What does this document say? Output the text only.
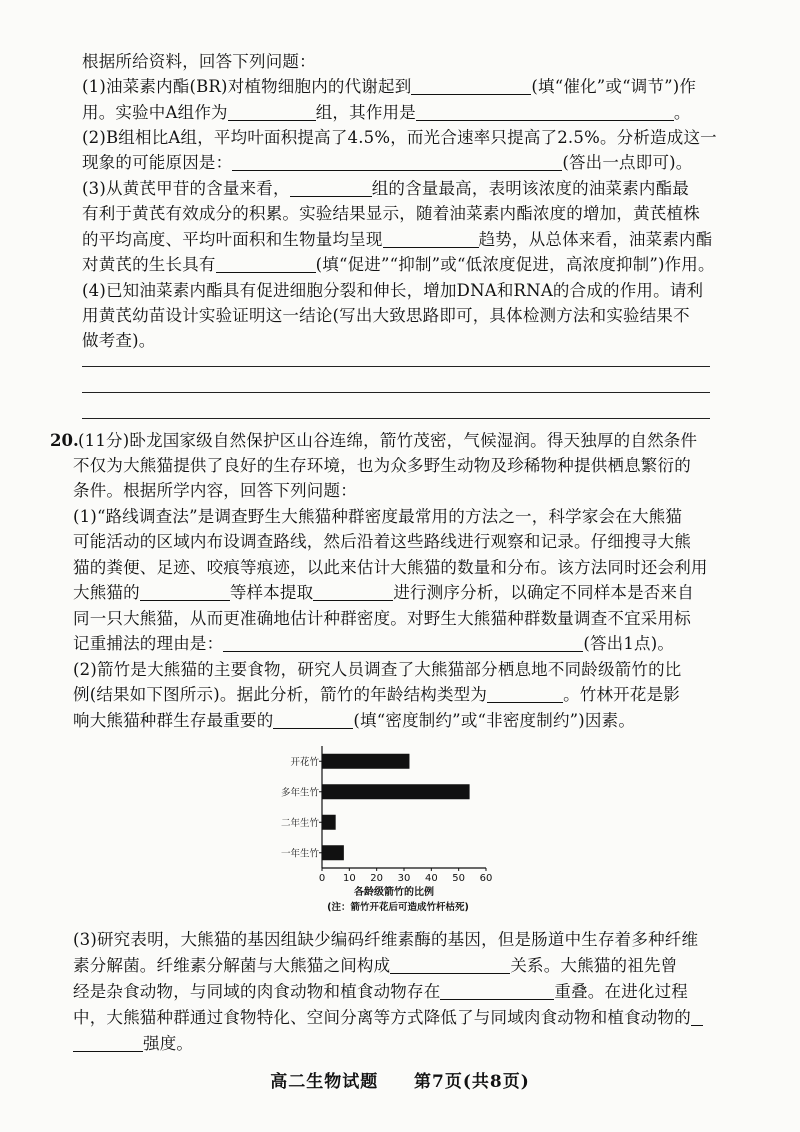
根据所给资料，回答下列问题：
(1)油菜素内酯(BR)对植物细胞内的代谢起到	(填“催化”或“调节”)作
用。实验中A组作为	组，其作用是	。
(2)B组相比A组，平均叶面积提高了4.5%，而光合速率只提高了2.5%。分析造成这一
现象的可能原因是：	(答出一点即可)。
(3)从黄芪甲苷的含量来看，	组的含量最高，表明该浓度的油菜素内酯最
有利于黄芪有效成分的积累。实验结果显示，随着油菜素内酯浓度的增加，黄芪植株
的平均高度、平均叶面积和生物量均呈现	趋势，从总体来看，油菜素内酯
对黄芪的生长具有	(填“促进”“抑制”或“低浓度促进，高浓度抑制”)作用。
(4)已知油菜素内酯具有促进细胞分裂和伸长，增加DNA和RNA的合成的作用。请利
用黄芪幼苗设计实验证明这一结论(写出大致思路即可，具体检测方法和实验结果不
做考查)。
20. (11分)卧龙国家级自然保护区山谷连绵，箭竹茂密，气候湿润。得天独厚的自然条件
不仅为大熊猫提供了良好的生存环境，也为众多野生动物及珍稀物种提供栖息繁衍的
条件。根据所学内容，回答下列问题：
(1)“路线调查法”是调查野生大熊猫种群密度最常用的方法之一，科学家会在大熊猫
可能活动的区域内布设调查路线，然后沿着这些路线进行观察和记录。仔细搜寻大熊
猫的粪便、足迹、咬痕等痕迹，以此来估计大熊猫的数量和分布。该方法同时还会利用
大熊猫的	等样本提取	进行测序分析，以确定不同样本是否来自
同一只大熊猫，从而更准确地估计种群密度。对野生大熊猫种群数量调查不宜采用标
记重捕法的理由是：	(答出1点)。
(2)箭竹是大熊猫的主要食物，研究人员调查了大熊猫部分栖息地不同龄级箭竹的比
例(结果如下图所示)。据此分析，箭竹的年龄结构类型为	。竹林开花是影
响大熊猫种群生存最重要的	(填“密度制约”或“非密度制约”)因素。
开花竹
多年生竹
二年生竹
一年生竹
0 10 20 30 40 50 60
各龄级箭竹的比例
(注：箭竹开花后可造成竹杆枯死)
(3)研究表明，大熊猫的基因组缺少编码纤维素酶的基因，但是肠道中生存着多种纤维
素分解菌。纤维素分解菌与大熊猫之间构成	关系。大熊猫的祖先曾
经是杂食动物，与同域的肉食动物和植食动物存在	重叠。在进化过程
中，大熊猫种群通过食物特化、空间分离等方式降低了与同域肉食动物和植食动物的
强度。
高二生物试题 第7页(共8页)
